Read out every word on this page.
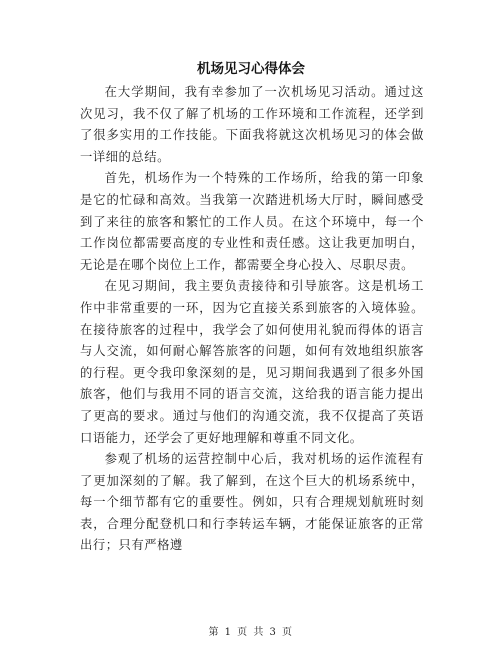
机场见习心得体会

在大学期间，我有幸参加了一次机场见习活动。通过这次见习，我不仅了解了机场的工作环境和工作流程，还学到了很多实用的工作技能。下面我将就这次机场见习的体会做一详细的总结。

首先，机场作为一个特殊的工作场所，给我的第一印象是它的忙碌和高效。当我第一次踏进机场大厅时，瞬间感受到了来往的旅客和繁忙的工作人员。在这个环境中，每一个工作岗位都需要高度的专业性和责任感。这让我更加明白，无论是在哪个岗位上工作，都需要全身心投入、尽职尽责。

在见习期间，我主要负责接待和引导旅客。这是机场工作中非常重要的一环，因为它直接关系到旅客的入境体验。在接待旅客的过程中，我学会了如何使用礼貌而得体的语言与人交流，如何耐心解答旅客的问题，如何有效地组织旅客的行程。更令我印象深刻的是，见习期间我遇到了很多外国旅客，他们与我用不同的语言交流，这给我的语言能力提出了更高的要求。通过与他们的沟通交流，我不仅提高了英语口语能力，还学会了更好地理解和尊重不同文化。

参观了机场的运营控制中心后，我对机场的运作流程有了更加深刻的了解。我了解到，在这个巨大的机场系统中，每一个细节都有它的重要性。例如，只有合理规划航班时刻表，合理分配登机口和行李转运车辆，才能保证旅客的正常出行；只有严格遵

第 1 页 共 3 页
